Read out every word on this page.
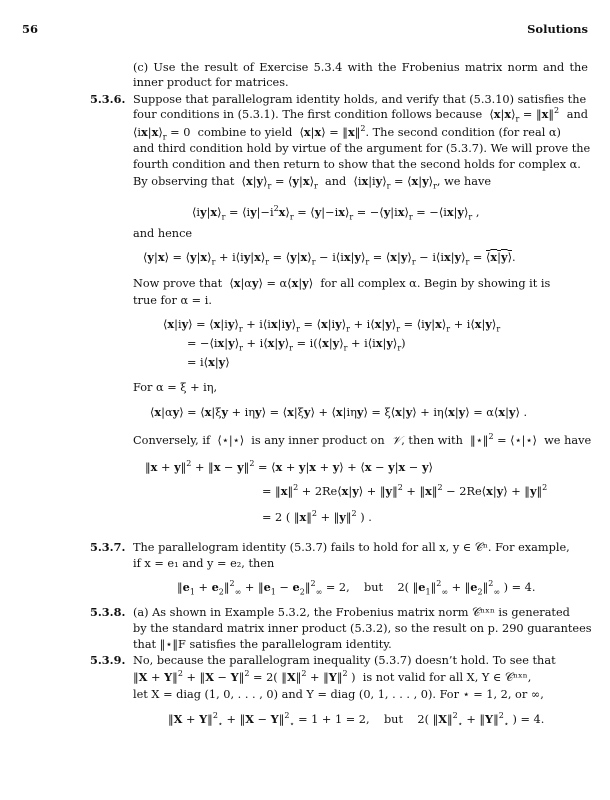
56	Solutions
(c) Use the result of Exercise 5.3.4 with the Frobenius matrix norm and the inner product for matrices.
5.3.6. Suppose that parallelogram identity holds, and verify that (5.3.10) satisfies the
four conditions in (5.3.1). The first condition follows because  $⟨x|x⟩_r$ = ‖x‖$^2$ and
$⟨ix|x⟩_r = 0$  combine to yield  ⟨x|x⟩ = ‖x‖$^2$. The second condition (for real α)
and third condition hold by virtue of the argument for (5.3.7). We will prove the
fourth condition and then return to show that the second holds for complex α.
By observing that  $⟨x|y⟩_r$ = $⟨y|x⟩_r$ and  $⟨ix|iy⟩_r$ = $⟨x|y⟩_r$, we have
$⟨iy|x⟩_r$ = $⟨iy|-i^2x⟩_r$ = $⟨y|-ix⟩_r$ = $-⟨y|ix⟩_r$ = $-⟨ix|y⟩_r$ ,
and hence
⟨y|x⟩ = $⟨y|x⟩_r$ + $i⟨iy|x⟩_r$ = $⟨y|x⟩_r$ − $i⟨ix|y⟩_r$ = $⟨x|y⟩_r$ − $i⟨ix|y⟩_r$ = ⟨x|y⟩.
Now prove that  ⟨x|αy⟩ = α⟨x|y⟩  for all complex α. Begin by showing it is
true for α = i.
⟨x|iy⟩ = $⟨x|iy⟩_r$ + $i⟨ix|iy⟩_r$ = $⟨x|iy⟩_r$ + $i⟨x|y⟩_r$ = $⟨iy|x⟩_r$ + $i⟨x|y⟩_r$
= $-⟨ix|y⟩_r$ + $i⟨x|y⟩_r$ = $i(⟨x|y⟩_r$ + $i⟨ix|y⟩_r$)
= i⟨x|y⟩
For α = ξ + iη,
⟨x|αy⟩ = ⟨x|ξy + iηy⟩ = ⟨x|ξy⟩ + ⟨x|iηy⟩ = ξ⟨x|y⟩ + iη⟨x|y⟩ = α⟨x|y⟩ .
Conversely, if  ⟨⋆|⋆⟩  is any inner product on 𝒱, then with  ‖⋆‖$^2$ = ⟨⋆|⋆⟩  we have
‖x + y‖$^2$ + ‖x − y‖$^2$ = ⟨x + y|x + y⟩ + ⟨x − y|x − y⟩
= ‖x‖$^2$ + 2Re⟨x|y⟩ + ‖y‖$^2$ + ‖x‖$^2$ − 2Re⟨x|y⟩ + ‖y‖$^2$
= 2 ( ‖x‖$^2$ + ‖y‖$^2$ ) .
5.3.7. The parallelogram identity (5.3.7) fails to hold for all x, y ∈ 𝒞ⁿ. For example,
if x = e₁ and y = e₂, then
$‖e_1$ + $e_2‖^2_\infty$ + $‖e_1$ − $e_2‖^2_\infty = 2$,    but    2( $‖e_1‖^2_\infty$ + $‖e_2‖^2_\infty$ ) = 4.
5.3.8. (a) As shown in Example 5.3.2, the Frobenius matrix norm 𝒞ⁿˣⁿ is generated
by the standard matrix inner product (5.3.2), so the result on p. 290 guarantees
that ‖⋆‖F satisfies the parallelogram identity.
5.3.9. No, because the parallelogram inequality (5.3.7) doesn’t hold. To see that
‖X + Y‖$^2$ + ‖X − Y‖$^2$ = 2( ‖X‖$^2$ + ‖Y‖$^2$ )  is not valid for all X, Y ∈ 𝒞ⁿˣⁿ,
let X = diag (1, 0, . . . , 0) and Y = diag (0, 1, . . . , 0). For ⋆ = 1, 2, or ∞,
‖X + Y‖$^2_⋆$ + ‖X − Y‖$^2_⋆$ = 1 + 1 = 2,    but    2( ‖X‖$^2_⋆$ + ‖Y‖$^2_⋆$ ) = 4.
